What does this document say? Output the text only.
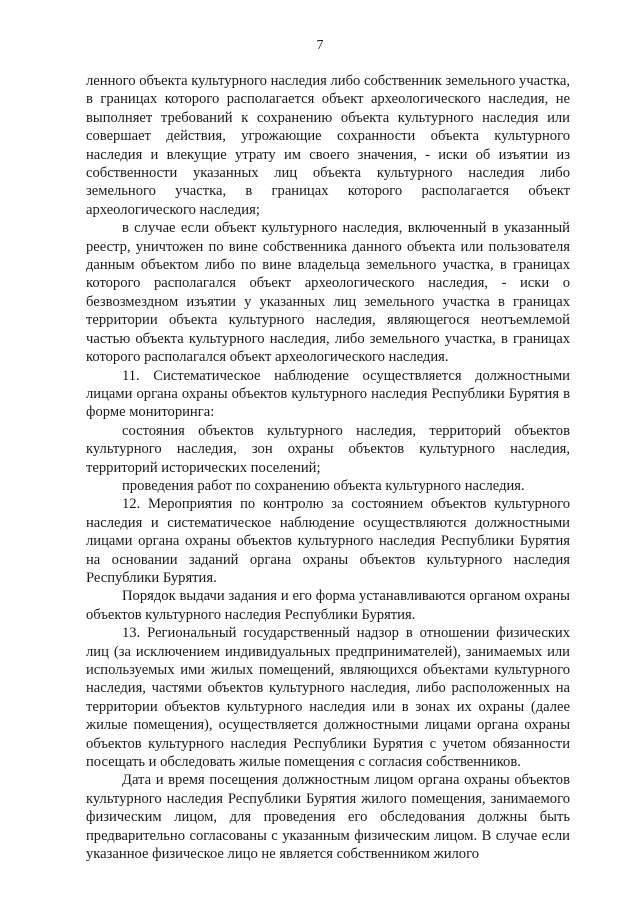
7

ленного объекта культурного наследия либо собственник земельного участка, в границах которого располагается объект археологического наследия, не выполняет требований к сохранению объекта культурного наследия или совершает действия, угрожающие сохранности объекта культурного наследия и влекущие утрату им своего значения, - иски об изъятии из собственности указанных лиц объекта культурного наследия либо земельного участка, в границах которого располагается объект археологического наследия;

в случае если объект культурного наследия, включенный в указанный реестр, уничтожен по вине собственника данного объекта или пользователя данным объектом либо по вине владельца земельного участка, в границах которого располагался объект археологического наследия, - иски о безвозмездном изъятии у указанных лиц земельного участка в границах территории объекта культурного наследия, являющегося неотъемлемой частью объекта культурного наследия, либо земельного участка, в границах которого располагался объект археологического наследия.

11. Систематическое наблюдение осуществляется должностными лицами органа охраны объектов культурного наследия Республики Бурятия в форме мониторинга:

состояния объектов культурного наследия, территорий объектов культурного наследия, зон охраны объектов культурного наследия, территорий исторических поселений;

проведения работ по сохранению объекта культурного наследия.

12. Мероприятия по контролю за состоянием объектов культурного наследия и систематическое наблюдение осуществляются должностными лицами органа охраны объектов культурного наследия Республики Бурятия на основании заданий органа охраны объектов культурного наследия Республики Бурятия.

Порядок выдачи задания и его форма устанавливаются органом охраны объектов культурного наследия Республики Бурятия.

13. Региональный государственный надзор в отношении физических лиц (за исключением индивидуальных предпринимателей), занимаемых или используемых ими жилых помещений, являющихся объектами культурного наследия, частями объектов культурного наследия, либо расположенных на территории объектов культурного наследия или в зонах их охраны (далее жилые помещения), осуществляется должностными лицами органа охраны объектов культурного наследия Республики Бурятия с учетом обязанности посещать и обследовать жилые помещения с согласия собственников.

Дата и время посещения должностным лицом органа охраны объектов культурного наследия Республики Бурятия жилого помещения, занимаемого физическим лицом, для проведения его обследования должны быть предварительно согласованы с указанным физическим лицом. В случае если указанное физическое лицо не является собственником жилого
